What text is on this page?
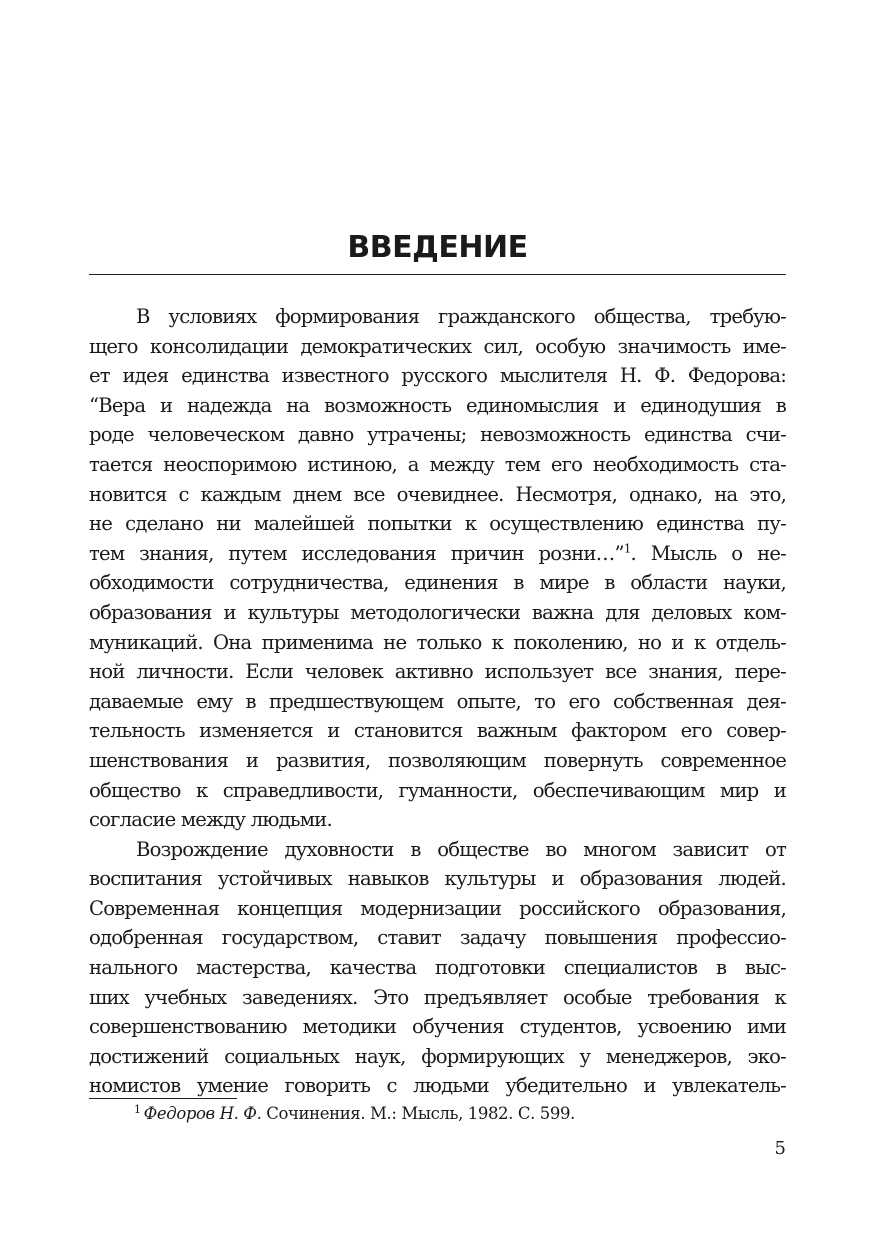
ВВЕДЕНИЕ
В условиях формирования гражданского общества, требую-
щего консолидации демократических сил, особую значимость име-
ет идея единства известного русского мыслителя Н. Ф. Федорова:
“Вера и надежда на возможность единомыслия и единодушия в
роде человеческом давно утрачены; невозможность единства счи-
тается неоспоримою истиною, а между тем его необходимость ста-
новится с каждым днем все очевиднее. Несмотря, однако, на это,
не сделано ни малейшей попытки к осуществлению единства пу-
тем знания, путем исследования причин розни…”$^1$. Мысль о не-
обходимости сотрудничества, единения в мире в области науки,
образования и культуры методологически важна для деловых ком-
муникаций. Она применима не только к поколению, но и к отдель-
ной личности. Если человек активно использует все знания, пере-
даваемые ему в предшествующем опыте, то его собственная дея-
тельность изменяется и становится важным фактором его совер-
шенствования и развития, позволяющим повернуть современное
общество к справедливости, гуманности, обеспечивающим мир и
согласие между людьми.
Возрождение духовности в обществе во многом зависит от
воспитания устойчивых навыков культуры и образования людей.
Современная концепция модернизации российского образования,
одобренная государством, ставит задачу повышения профессио-
нального мастерства, качества подготовки специалистов в выс-
ших учебных заведениях. Это предъявляет особые требования к
совершенствованию методики обучения студентов, усвоению ими
достижений социальных наук, формирующих у менеджеров, эко-
номистов умение говорить с людьми убедительно и увлекатель-
$^1$ Федоров Н. Ф. Сочинения. М.: Мысль, 1982. С. 599.
5
